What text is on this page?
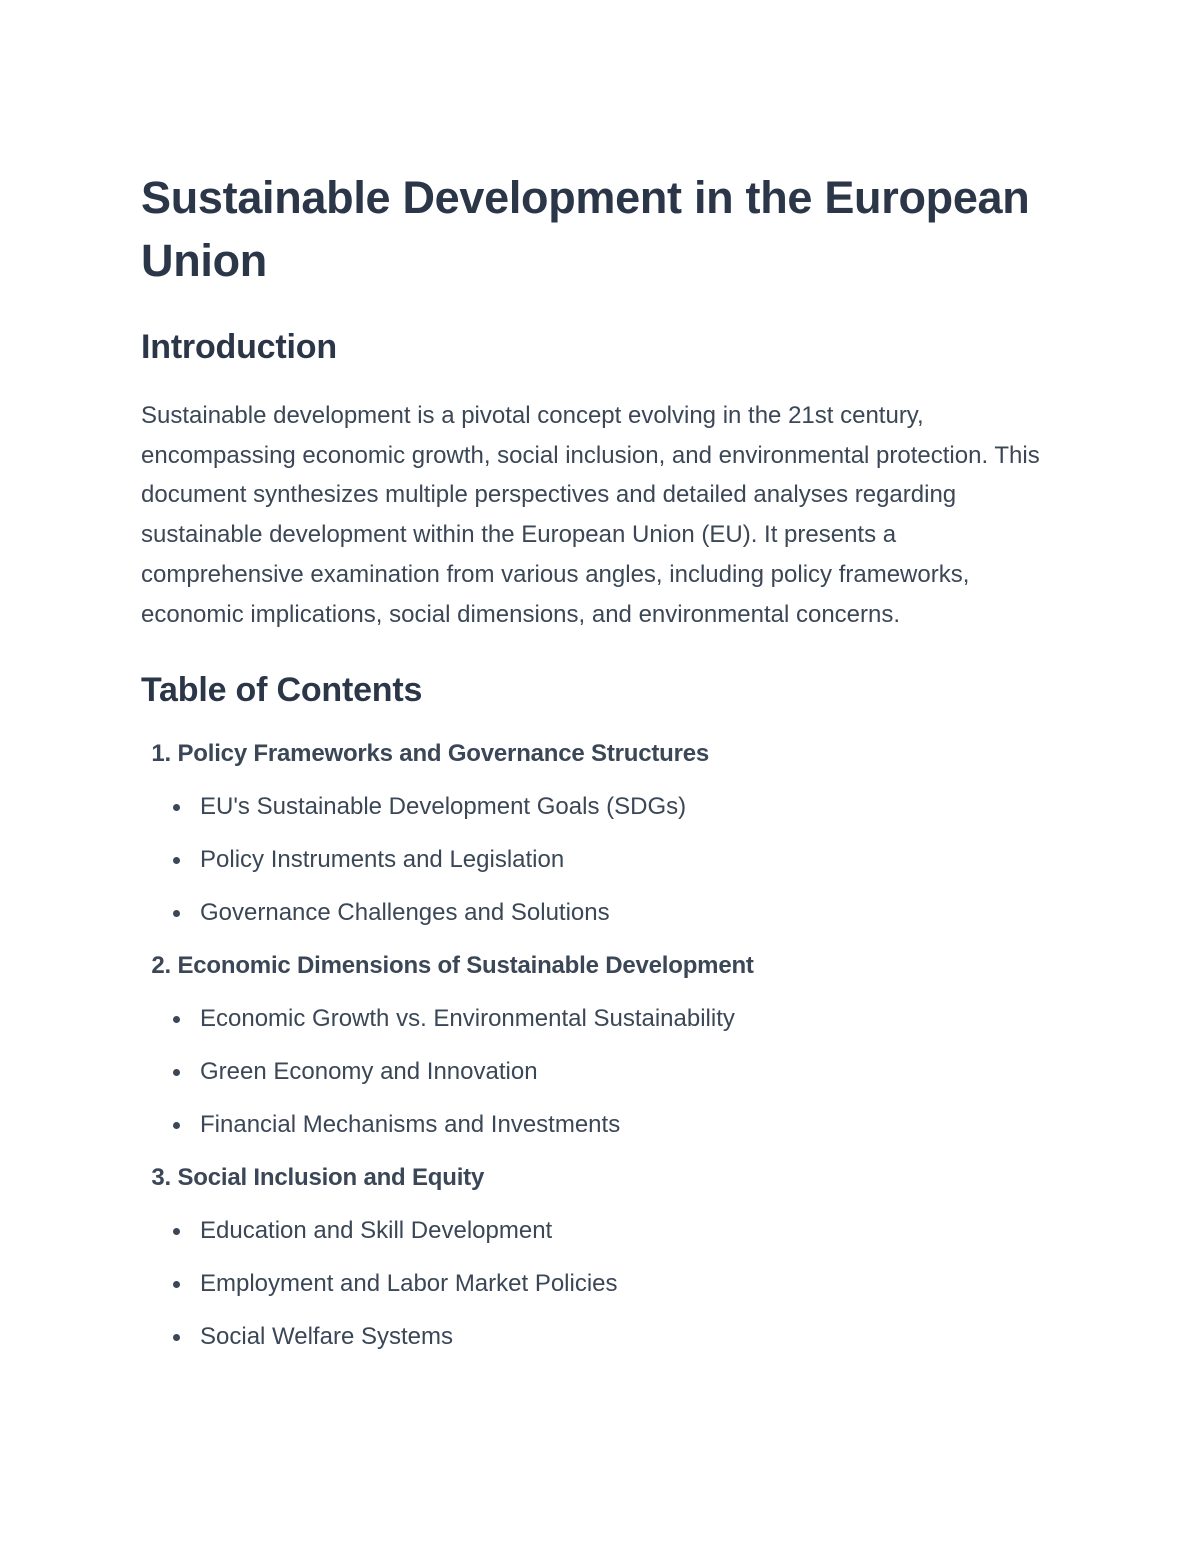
Sustainable Development in the European Union
Introduction

Sustainable development is a pivotal concept evolving in the 21st century, encompassing economic growth, social inclusion, and environmental protection. This document synthesizes multiple perspectives and detailed analyses regarding sustainable development within the European Union (EU). It presents a comprehensive examination from various angles, including policy frameworks, economic implications, social dimensions, and environmental concerns.

Table of Contents
1. Policy Frameworks and Governance Structures
EU's Sustainable Development Goals (SDGs)
Policy Instruments and Legislation
Governance Challenges and Solutions
2. Economic Dimensions of Sustainable Development
Economic Growth vs. Environmental Sustainability
Green Economy and Innovation
Financial Mechanisms and Investments
3. Social Inclusion and Equity
Education and Skill Development
Employment and Labor Market Policies
Social Welfare Systems
